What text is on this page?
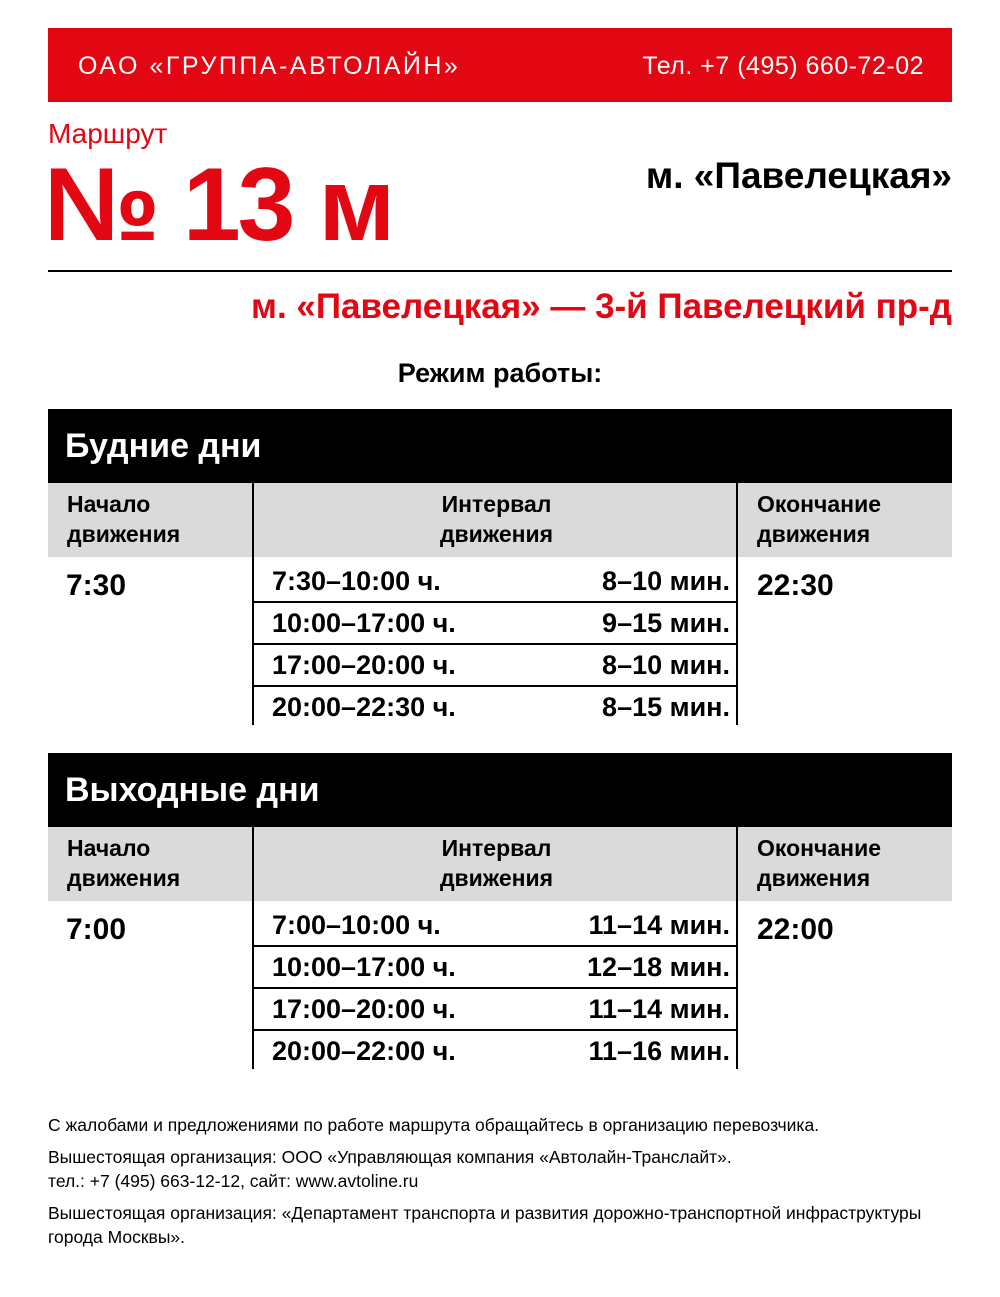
ОАО «ГРУППА-АВТОЛАЙН»	Тел. +7 (495) 660-72-02
Маршрут
№ 13 м	м. «Павелецкая»
м. «Павелецкая» — 3-й Павелецкий пр-д
Режим работы:
Будние дни
Начало движения
Интервал движения
Окончание движения
7:30	7:30–10:00 ч.	8–10 мин.
10:00–17:00 ч.	9–15 мин.
17:00–20:00 ч.	8–10 мин.
20:00–22:30 ч.	8–15 мин.
22:30
Выходные дни
Начало движения
Интервал движения
Окончание движения
7:00	7:00–10:00 ч.	11–14 мин.
10:00–17:00 ч.	12–18 мин.
17:00–20:00 ч.	11–14 мин.
20:00–22:00 ч.	11–16 мин.
22:00

С жалобами и предложениями по работе маршрута обращайтесь в организацию перевозчика.

Вышестоящая организация: ООО «Управляющая компания «Автолайн-Транслайт».
тел.: +7 (495) 663-12-12, сайт: www.avtoline.ru

Вышестоящая организация: «Департамент транспорта и развития дорожно-транспортной инфраструктуры города Москвы».
